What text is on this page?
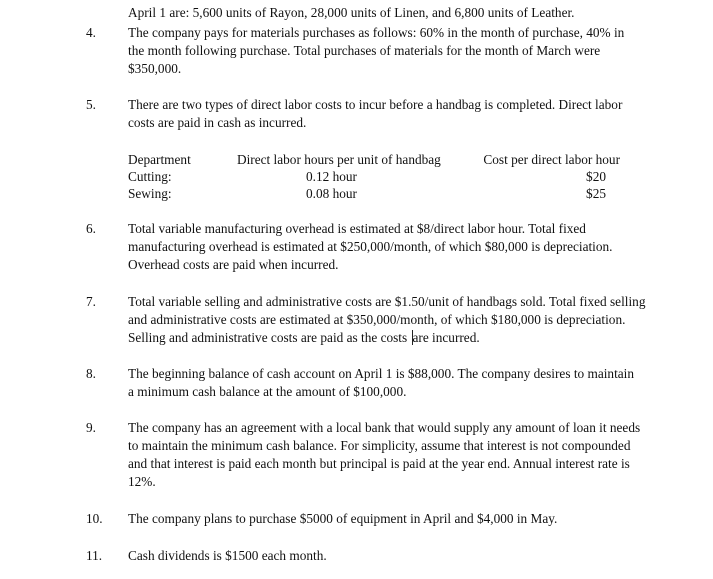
April 1 are: 5,600 units of Rayon, 28,000 units of Linen, and 6,800 units of Leather.
4.	The company pays for materials purchases as follows: 60% in the month of purchase, 40% in
the month following purchase. Total purchases of materials for the month of March were
$350,000.
5.	There are two types of direct labor costs to incur before a handbag is completed. Direct labor
costs are paid in cash as incurred.
Department	Direct labor hours per unit of handbag	Cost per direct labor hour
Cutting:	0.12 hour	$20
Sewing:	0.08 hour	$25
6.	Total variable manufacturing overhead is estimated at $8/direct labor hour. Total fixed
manufacturing overhead is estimated at $250,000/month, of which $80,000 is depreciation.
Overhead costs are paid when incurred.
7.	Total variable selling and administrative costs are $1.50/unit of handbags sold. Total fixed selling
and administrative costs are estimated at $350,000/month, of which $180,000 is depreciation.
Selling and administrative costs are paid as the costs are incurred.
8.	The beginning balance of cash account on April 1 is $88,000. The company desires to maintain
a minimum cash balance at the amount of $100,000.
9.	The company has an agreement with a local bank that would supply any amount of loan it needs
to maintain the minimum cash balance. For simplicity, assume that interest is not compounded
and that interest is paid each month but principal is paid at the year end. Annual interest rate is
12%.
10.	The company plans to purchase $5000 of equipment in April and $4,000 in May.
11.	Cash dividends is $1500 each month.
